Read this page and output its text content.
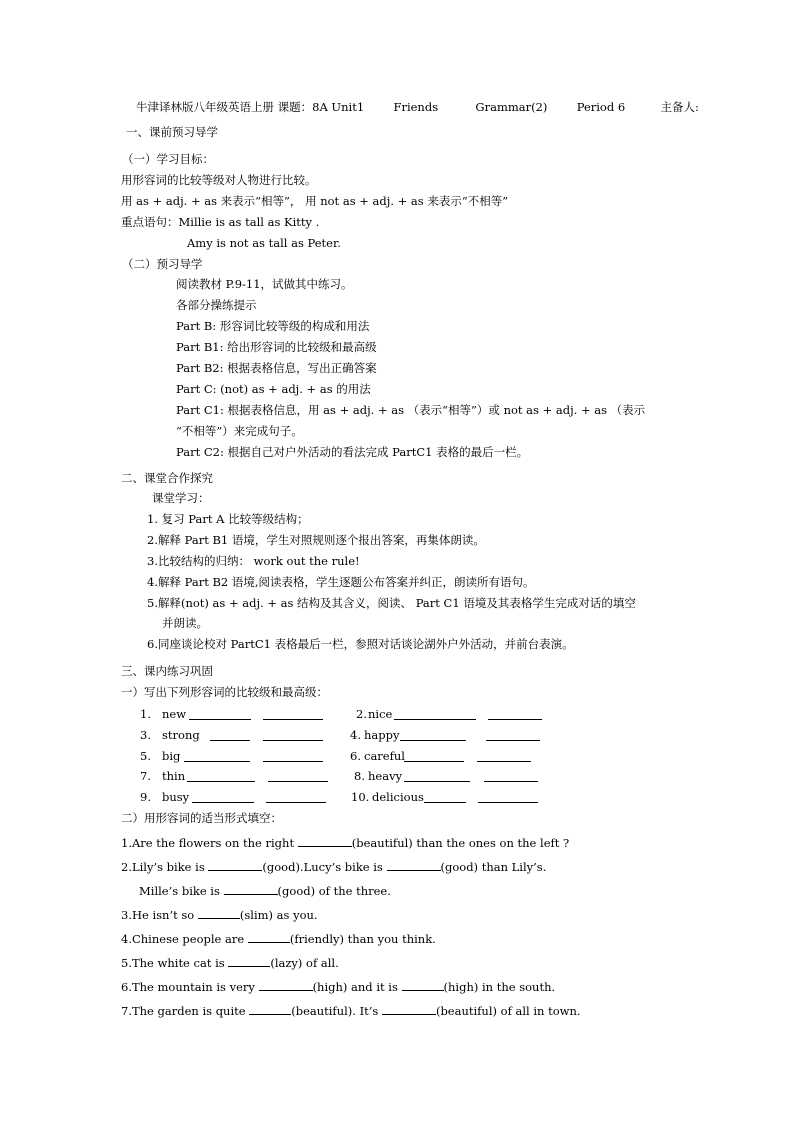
牛津译林版八年级英语上册 课题：8A Unit1	Friends	Grammar(2)	Period 6	主备人:
一、课前预习导学
（一）学习目标：
用形容词的比较等级对人物进行比较。
用 as + adj. + as 来表示“相等”， 用 not as + adj. + as 来表示“不相等”
重点语句：Millie is as tall as Kitty .
Amy is not as tall as Peter.
（二）预习导学
阅读教材 P.9-11，试做其中练习。
各部分操练提示
Part B: 形容词比较等级的构成和用法
Part B1: 给出形容词的比较级和最高级
Part B2: 根据表格信息，写出正确答案
Part C: (not) as + adj. + as 的用法
Part C1: 根据表格信息，用 as + adj. + as （表示“相等”）或 not as + adj. + as （表示
“不相等”）来完成句子。
Part C2: 根据自己对户外活动的看法完成 PartC1 表格的最后一栏。
二、课堂合作探究
课堂学习：
1. 复习 Part A 比较等级结构；
2.解释 Part B1 语境，学生对照规则逐个报出答案，再集体朗读。
3.比较结构的归纳： work out the rule!
4.解释 Part B2 语境,阅读表格，学生逐题公布答案并纠正，朗读所有语句。
5.解释(not) as + adj. + as 结构及其含义，阅读、 Part C1 语境及其表格学生完成对话的填空
并朗读。
6.同座谈论校对 PartC1 表格最后一栏，参照对话谈论湖外户外活动，并前台表演。
三、课内练习巩固
一）写出下列形容词的比较级和最高级：
1. new	2.nice
3. strong	4. happy
5. big	6. careful
7. thin	8. heavy
9. busy	10. delicious
二）用形容词的适当形式填空：
1.Are the flowers on the right	(beautiful) than the ones on the left ?
2.Lily’s bike is	(good).Lucy’s bike is	(good) than Lily’s.
Mille’s bike is	(good) of the three.
3.He isn’t so	(slim) as you.
4.Chinese people are	(friendly) than you think.
5.The white cat is	(lazy) of all.
6.The mountain is very	(high) and it is	(high) in the south.
7.The garden is quite	(beautiful). It’s	(beautiful) of all in town.
